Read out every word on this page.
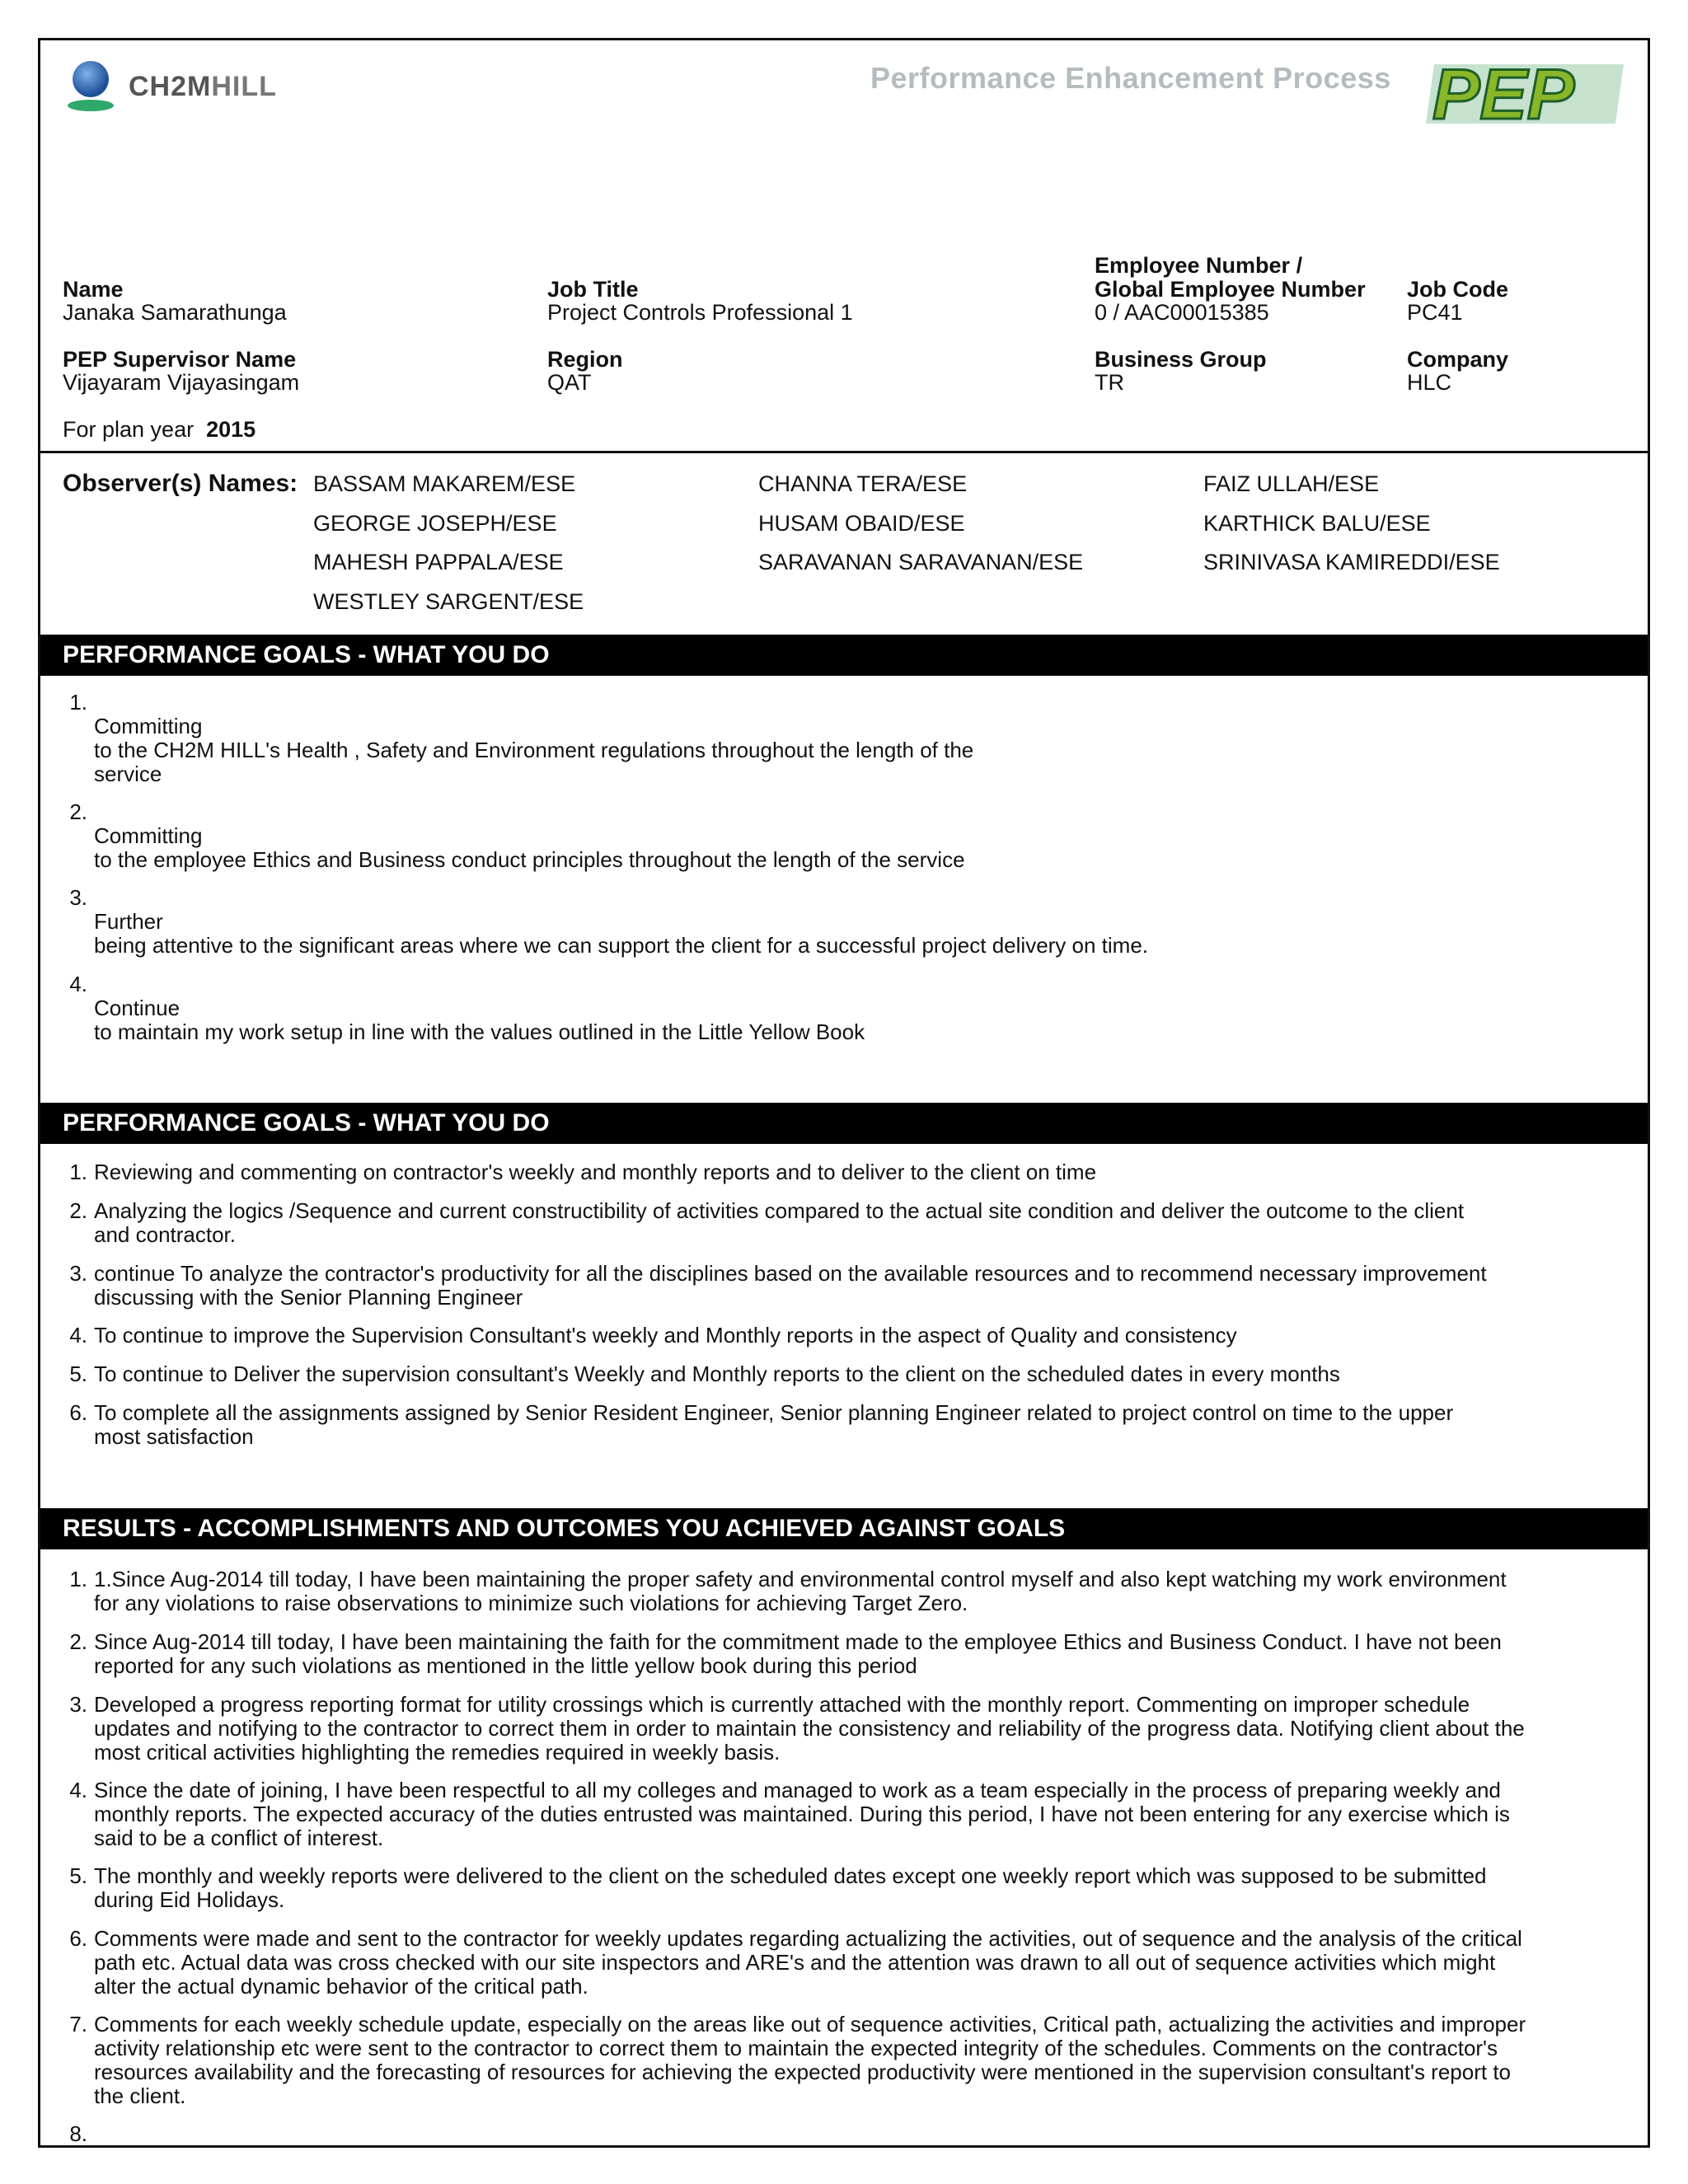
CH2MHILL	Performance Enhancement Process PEP
Name
Janaka Samarathunga
Job Title
Project Controls Professional 1
Employee Number /
Global Employee Number
0 / AAC00015385
Job Code
PC41
PEP Supervisor Name
Vijayaram Vijayasingam
Region
QAT
Business Group
TR
Company
HLC
For plan year 2015
Observer(s) Names: BASSAM MAKAREM/ESE	CHANNA TERA/ESE	FAIZ ULLAH/ESE
GEORGE JOSEPH/ESE	HUSAM OBAID/ESE	KARTHICK BALU/ESE
MAHESH PAPPALA/ESE	SARAVANAN SARAVANAN/ESE	SRINIVASA KAMIREDDI/ESE
WESTLEY SARGENT/ESE
PERFORMANCE GOALS - WHAT YOU DO
1.
Committing
to the CH2M HILL's Health , Safety and Environment regulations throughout the length of the
service
2.
Committing
to the employee Ethics and Business conduct principles throughout the length of the service
3.
Further
being attentive to the significant areas where we can support the client for a successful project delivery on time.
4.
Continue
to maintain my work setup in line with the values outlined in the Little Yellow Book
PERFORMANCE GOALS - WHAT YOU DO
1. Reviewing and commenting on contractor's weekly and monthly reports and to deliver to the client on time
2. Analyzing the logics /Sequence and current constructibility of activities compared to the actual site condition and deliver the outcome to the client
and contractor.
3. continue To analyze the contractor's productivity for all the disciplines based on the available resources and to recommend necessary improvement
discussing with the Senior Planning Engineer
4. To continue to improve the Supervision Consultant's weekly and Monthly reports in the aspect of Quality and consistency
5. To continue to Deliver the supervision consultant's Weekly and Monthly reports to the client on the scheduled dates in every months
6. To complete all the assignments assigned by Senior Resident Engineer, Senior planning Engineer related to project control on time to the upper
most satisfaction
RESULTS - ACCOMPLISHMENTS AND OUTCOMES YOU ACHIEVED AGAINST GOALS
1. 1.Since Aug-2014 till today, I have been maintaining the proper safety and environmental control myself and also kept watching my work environment
for any violations to raise observations to minimize such violations for achieving Target Zero.
2. Since Aug-2014 till today, I have been maintaining the faith for the commitment made to the employee Ethics and Business Conduct. I have not been
reported for any such violations as mentioned in the little yellow book during this period
3. Developed a progress reporting format for utility crossings which is currently attached with the monthly report. Commenting on improper schedule
updates and notifying to the contractor to correct them in order to maintain the consistency and reliability of the progress data. Notifying client about the
most critical activities highlighting the remedies required in weekly basis.
4. Since the date of joining, I have been respectful to all my colleges and managed to work as a team especially in the process of preparing weekly and
monthly reports. The expected accuracy of the duties entrusted was maintained. During this period, I have not been entering for any exercise which is
said to be a conflict of interest.
5. The monthly and weekly reports were delivered to the client on the scheduled dates except one weekly report which was supposed to be submitted
during Eid Holidays.
6. Comments were made and sent to the contractor for weekly updates regarding actualizing the activities, out of sequence and the analysis of the critical
path etc. Actual data was cross checked with our site inspectors and ARE's and the attention was drawn to all out of sequence activities which might
alter the actual dynamic behavior of the critical path.
7. Comments for each weekly schedule update, especially on the areas like out of sequence activities, Critical path, actualizing the activities and improper
activity relationship etc were sent to the contractor to correct them to maintain the expected integrity of the schedules. Comments on the contractor's
resources availability and the forecasting of resources for achieving the expected productivity were mentioned in the supervision consultant's report to
the client.
8.
